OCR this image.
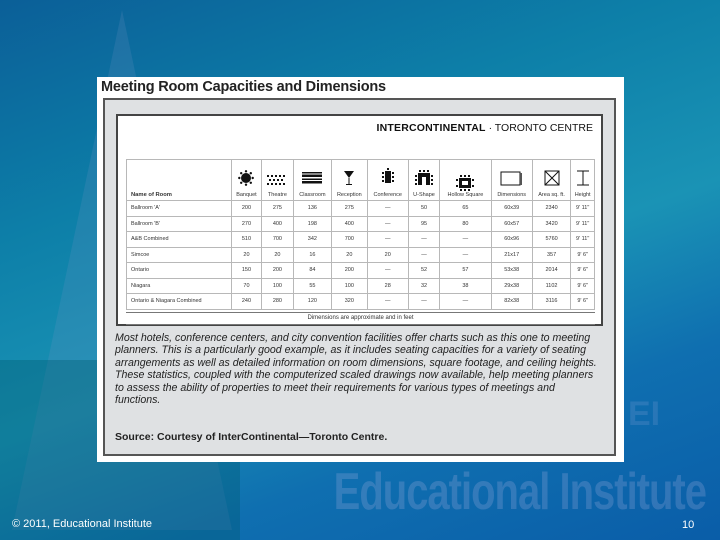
EI
Educational Institute
Meeting Room Capacities and Dimensions
INTERCONTINENTAL · TORONTO CENTRE
Name of Room	Banquet	Theatre	Classroom	Reception	Conference	U-Shape	Hollow Square	Dimensions	Area sq. ft.	Height
Ballroom 'A'	200	275	136	275	—	50	65	60x39	2340	9' 11"
Ballroom 'B'	270	400	198	400	—	95	80	60x57	3420	9' 11"
A&B Combined	510	700	342	700	—	—	—	60x96	5760	9' 11"
Simcoe	20	20	16	20	20	—	—	21x17	357	9' 6"
Ontario	150	200	84	200	—	52	57	53x38	2014	9' 6"
Niagara	70	100	55	100	28	32	38	29x38	1102	9' 6"
Ontario & Niagara Combined	240	280	120	320	—	—	—	82x38	3116	9' 6"
Dimensions are approximate and in feet
Most hotels, conference centers, and city convention facilities offer charts such as this one to meeting planners. This is a particularly good example, as it includes seating capacities for a variety of seating arrangements as well as detailed information on room dimensions, square footage, and ceiling heights. These statistics, coupled with the computerized scaled drawings now available, help meeting planners to assess the ability of properties to meet their requirements for various types of meetings and functions.
Source: Courtesy of InterContinental—Toronto Centre.
© 2011, Educational Institute	10
